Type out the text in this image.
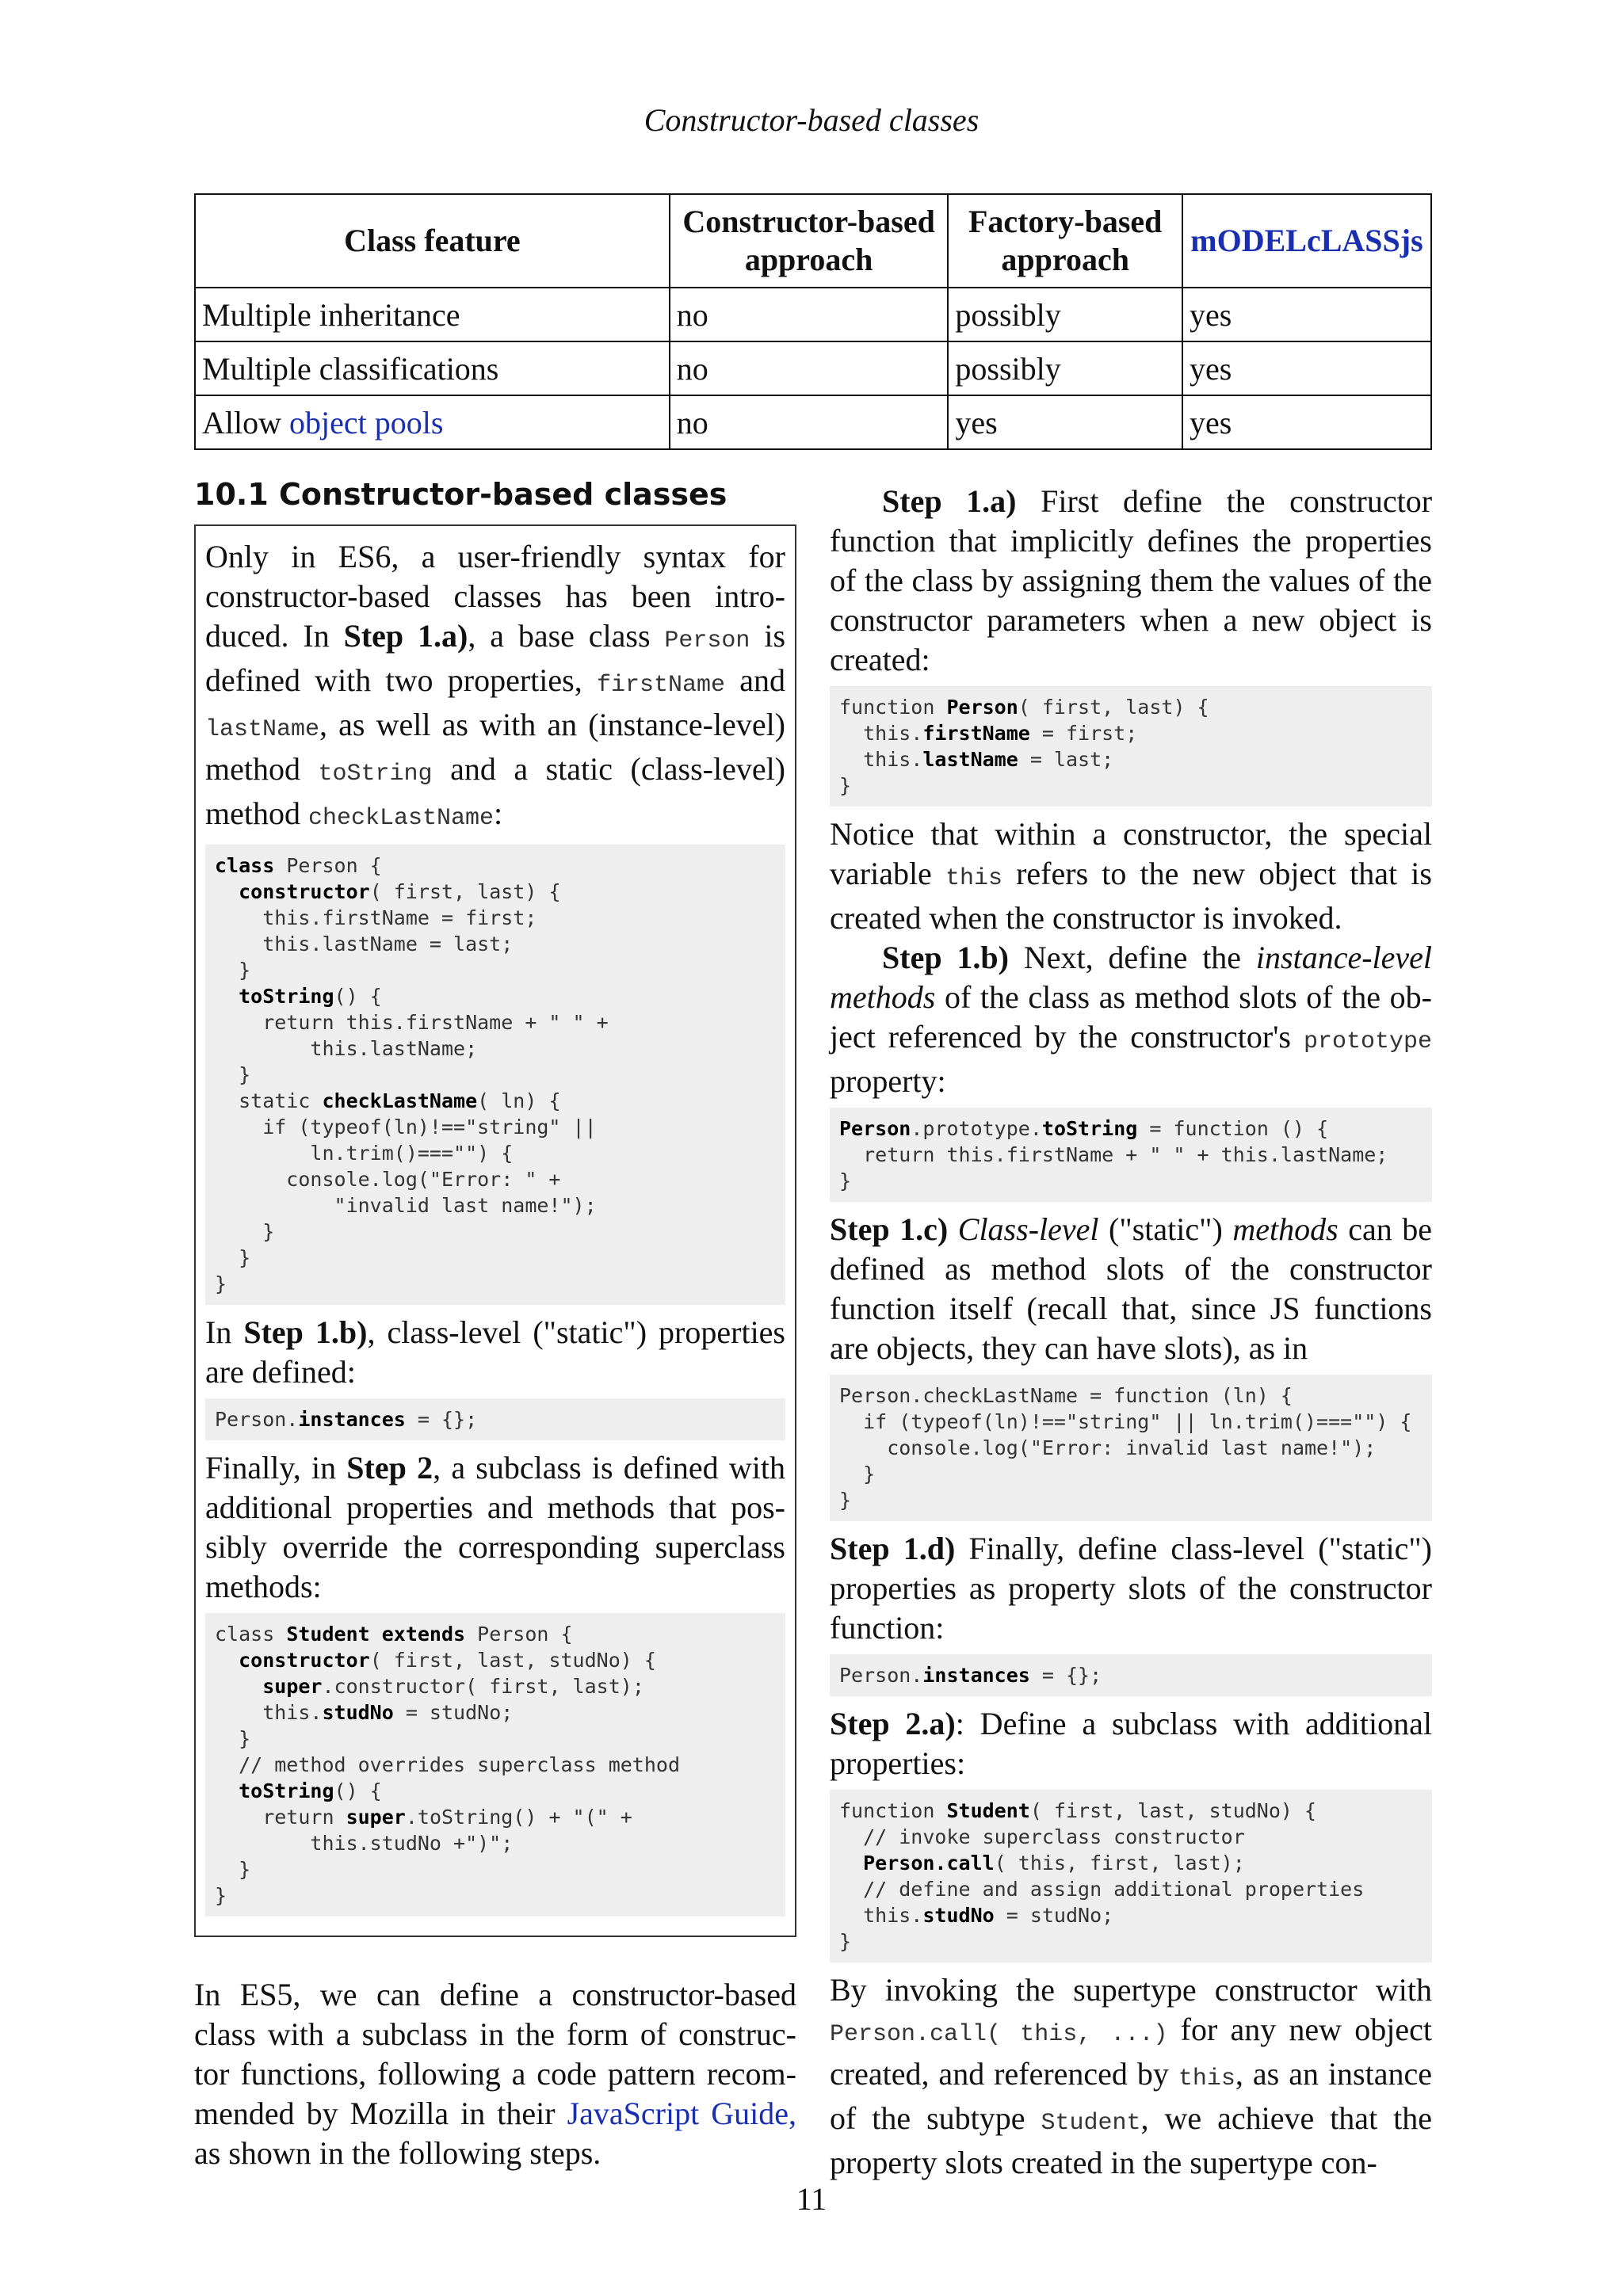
Constructor-based classes
Class feature	Constructor-based approach	Factory-based approach	mODELcLASSjs
Multiple inheritance	no	possibly	yes
Multiple classifications	no	possibly	yes
Allow object pools	no	yes	yes
10.1 Constructor-based classes

Only in ES6, a user-friendly syntax for constructor-based classes has been intro-duced. In Step 1.a), a base class Person is defined with two properties, firstName and lastName, as well as with an (instance-level) method toString and a static (class-level) method checkLastName:

class Person {
constructor( first, last) {
this.firstName = first;
this.lastName = last;
}
toString() {
return this.firstName + " " +
this.lastName;
}
static checkLastName( ln) {
if (typeof(ln)!=="string" ||
ln.trim()==="") {
console.log("Error: " +
"invalid last name!");
}
}
}

In Step 1.b), class-level ("static") properties are defined:

Person.instances = {};

Finally, in Step 2, a subclass is defined with additional properties and methods that pos-sibly override the corresponding superclass methods:

class Student extends Person {
constructor( first, last, studNo) {
super.constructor( first, last);
this.studNo = studNo;
}
// method overrides superclass method
toString() {
return super.toString() + "(" +
this.studNo +")";
}
}

In ES5, we can define a constructor-based class with a subclass in the form of construc-tor functions, following a code pattern recom-mended by Mozilla in their JavaScript Guide, as shown in the following steps.

Step 1.a) First define the constructor function that implicitly defines the properties of the class by assigning them the values of the constructor parameters when a new object is created:

function Person( first, last) {
this.firstName = first;
this.lastName = last;
}

Notice that within a constructor, the special variable this refers to the new object that is created when the constructor is invoked.

Step 1.b) Next, define the instance-level methods of the class as method slots of the ob-ject referenced by the constructor's prototype property:

Person.prototype.toString = function () {
return this.firstName + " " + this.lastName;
}

Step 1.c) Class-level ("static") methods can be defined as method slots of the constructor function itself (recall that, since JS functions are objects, they can have slots), as in

Person.checkLastName = function (ln) {
if (typeof(ln)!=="string" || ln.trim()==="") {
console.log("Error: invalid last name!");
}
}

Step 1.d) Finally, define class-level ("static") properties as property slots of the constructor function:

Person.instances = {};

Step 2.a): Define a subclass with additional properties:

function Student( first, last, studNo) {
// invoke superclass constructor
Person.call( this, first, last);
// define and assign additional properties
this.studNo = studNo;
}

By invoking the supertype constructor with Person.call( this, ...) for any new object created, and referenced by this, as an instance of the subtype Student, we achieve that the property slots created in the supertype con-

11
